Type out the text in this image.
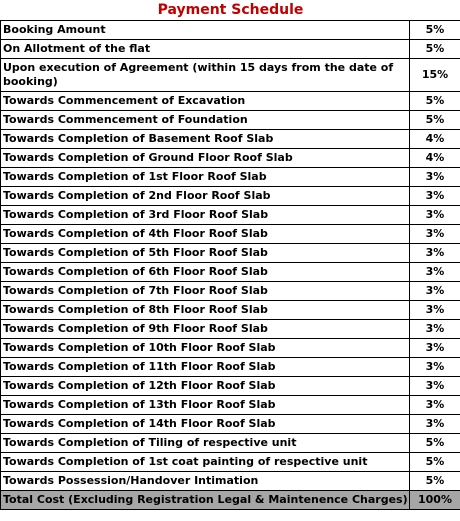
Payment Schedule	
Booking Amount	5%
On Allotment of the flat	5%
Upon execution of Agreement (within 15 days from the date of booking)	15%
Towards Commencement of Excavation	5%
Towards Commencement of Foundation	5%
Towards Completion of Basement Roof Slab	4%
Towards Completion of Ground Floor Roof Slab	4%
Towards Completion of 1st Floor Roof Slab	3%
Towards Completion of 2nd Floor Roof Slab	3%
Towards Completion of 3rd Floor Roof Slab	3%
Towards Completion of 4th Floor Roof Slab	3%
Towards Completion of 5th Floor Roof Slab	3%
Towards Completion of 6th Floor Roof Slab	3%
Towards Completion of 7th Floor Roof Slab	3%
Towards Completion of 8th Floor Roof Slab	3%
Towards Completion of 9th Floor Roof Slab	3%
Towards Completion of 10th Floor Roof Slab	3%
Towards Completion of 11th Floor Roof Slab	3%
Towards Completion of 12th Floor Roof Slab	3%
Towards Completion of 13th Floor Roof Slab	3%
Towards Completion of 14th Floor Roof Slab	3%
Towards Completion of Tiling of respective unit	5%
Towards Completion of 1st coat painting of respective unit	5%
Towards Possession/Handover Intimation	5%
Total Cost (Excluding Registration Legal & Maintenence Charges)	100%
